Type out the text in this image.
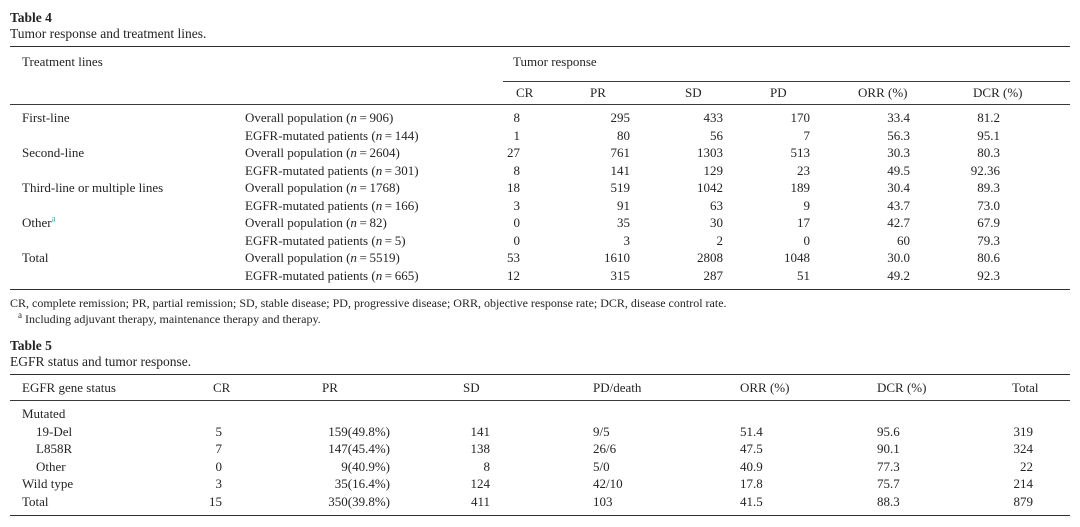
Table 4
Tumor response and treatment lines.
Treatment lines		Tumor response					
		CR	PR	SD	PD	ORR (%)	DCR (%)
First-line	Overall population (n = 906)	8	295	433	170	33.4	81.2
	EGFR-mutated patients (n = 144)	1	80	56	7	56.3	95.1
Second-line	Overall population (n = 2604)	27	761	1303	513	30.3	80.3
	EGFR-mutated patients (n = 301)	8	141	129	23	49.5	92.36
Third-line or multiple lines	Overall population (n = 1768)	18	519	1042	189	30.4	89.3
	EGFR-mutated patients (n = 166)	3	91	63	9	43.7	73.0
Other$^a$	Overall population (n = 82)	0	35	30	17	42.7	67.9
	EGFR-mutated patients (n = 5)	0	3	2	0	60	79.3
Total	Overall population (n = 5519)	53	1610	2808	1048	30.0	80.6
	EGFR-mutated patients (n = 665)	12	315	287	51	49.2	92.3
CR, complete remission; PR, partial remission; SD, stable disease; PD, progressive disease; ORR, objective response rate; DCR, disease control rate.
$^a$ Including adjuvant therapy, maintenance therapy and therapy.
Table 5
EGFR status and tumor response.
EGFR gene status	CR	PR	SD	PD/death	ORR (%)	DCR (%)	Total
Mutated							
19-Del	5	159(49.8%)	141	9/5	51.4	95.6	319
L858R	7	147(45.4%)	138	26/6	47.5	90.1	324
Other	0	9(40.9%)	8	5/0	40.9	77.3	22
Wild type	3	35(16.4%)	124	42/10	17.8	75.7	214
Total	15	350(39.8%)	411	103	41.5	88.3	879
